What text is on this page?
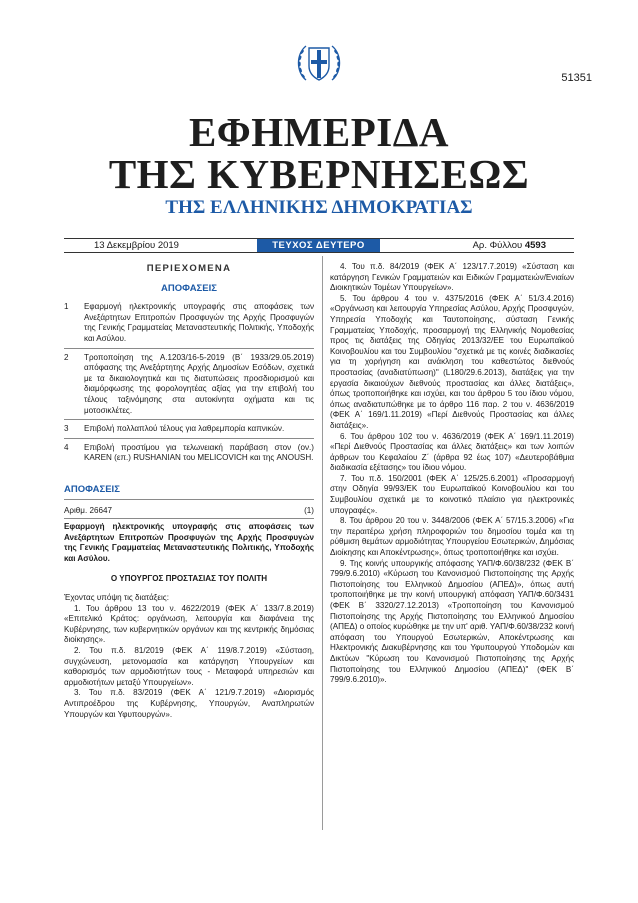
51351
ΕΦΗΜΕΡΙΔΑ
ΤΗΣ ΚΥΒΕΡΝΗΣΕΩΣ
ΤΗΣ ΕΛΛΗΝΙΚΗΣ ΔΗΜΟΚΡΑΤΙΑΣ
13 Δεκεμβρίου 2019	ΤΕΥΧΟΣ ΔΕΥΤΕΡΟ	Αρ. Φύλλου 4593
ΠΕΡΙΕΧΟΜΕΝΑ
ΑΠΟΦΑΣΕΙΣ
1	Εφαρμογή ηλεκτρονικής υπογραφής στις αποφάσεις των Ανεξάρτητων Επιτροπών Προσφυγών της Αρχής Προσφυγών της Γενικής Γραμματείας Μεταναστευτικής Πολιτικής, Υποδοχής και Ασύλου.
2	Τροποποίηση της Α.1203/16-5-2019 (Β΄ 1933/29.05.2019) απόφασης της Ανεξάρτητης Αρχής Δημοσίων Εσόδων, σχετικά με τα δικαιολογητικά και τις διατυπώσεις προσδιορισμού και διαμόρφωσης της φορολογητέας αξίας για την επιβολή του τέλους ταξινόμησης στα αυτοκίνητα οχήματα και τις μοτοσικλέτες.
3	Επιβολή πολλαπλού τέλους για λαθρεμπορία καπνικών.
4	Επιβολή προστίμου για τελωνειακή παράβαση στον (ον.) KAREN (επ.) RUSHANIAN του MELICOVICH και της ANOUSH.
ΑΠΟΦΑΣΕΙΣ
Αριθμ. 26647	(1)
Εφαρμογή ηλεκτρονικής υπογραφής στις αποφάσεις των Ανεξάρτητων Επιτροπών Προσφυγών της Αρχής Προσφυγών της Γενικής Γραμματείας Μεταναστευτικής Πολιτικής, Υποδοχής και Ασύλου.
Ο ΥΠΟΥΡΓΟΣ ΠΡΟΣΤΑΣΙΑΣ ΤΟΥ ΠΟΛΙΤΗ

Έχοντας υπόψη τις διατάξεις:

1. Του άρθρου 13 του ν. 4622/2019 (ΦΕΚ Α΄ 133/7.8.2019) «Επιτελικό Κράτος: οργάνωση, λειτουργία και διαφάνεια της Κυβέρνησης, των κυβερνητικών οργάνων και της κεντρικής δημόσιας διοίκησης».

2. Του π.δ. 81/2019 (ΦΕΚ Α΄ 119/8.7.2019) «Σύσταση, συγχώνευση, μετονομασία και κατάργηση Υπουργείων και καθορισμός των αρμοδιοτήτων τους - Μεταφορά υπηρεσιών και αρμοδιοτήτων μεταξύ Υπουργείων».

3. Του π.δ. 83/2019 (ΦΕΚ Α΄ 121/9.7.2019) «Διορισμός Αντιπροέδρου της Κυβέρνησης, Υπουργών, Αναπληρωτών Υπουργών και Υφυπουργών».

4. Του π.δ. 84/2019 (ΦΕΚ Α΄ 123/17.7.2019) «Σύσταση και κατάργηση Γενικών Γραμματειών και Ειδικών Γραμματειών/Ενιαίων Διοικητικών Τομέων Υπουργείων».

5. Του άρθρου 4 του ν. 4375/2016 (ΦΕΚ Α΄ 51/3.4.2016) «Οργάνωση και λειτουργία Υπηρεσίας Ασύλου, Αρχής Προσφυγών, Υπηρεσία Υποδοχής και Ταυτοποίησης, σύσταση Γενικής Γραμματείας Υποδοχής, προσαρμογή της Ελληνικής Νομοθεσίας προς τις διατάξεις της Οδηγίας 2013/32/ΕΕ του Ευρωπαϊκού Κοινοβουλίου και του Συμβουλίου "σχετικά με τις κοινές διαδικασίες για τη χορήγηση και ανάκληση του καθεστώτος διεθνούς προστασίας (αναδιατύπωση)" (L180/29.6.2013), διατάξεις για την εργασία δικαιούχων διεθνούς προστασίας και άλλες διατάξεις», όπως τροποποιήθηκε και ισχύει, και του άρθρου 5 του ίδιου νόμου, όπως αναδιατυπώθηκε με το άρθρο 116 παρ. 2 του ν. 4636/2019 (ΦΕΚ Α΄ 169/1.11.2019) «Περί Διεθνούς Προστασίας και άλλες διατάξεις».

6. Του άρθρου 102 του ν. 4636/2019 (ΦΕΚ Α΄ 169/1.11.2019) «Περί Διεθνούς Προστασίας και άλλες διατάξεις» και των λοιπών άρθρων του Κεφαλαίου Ζ΄ (άρθρα 92 έως 107) «Δευτεροβάθμια διαδικασία εξέτασης» του ίδιου νόμου.

7. Του π.δ. 150/2001 (ΦΕΚ Α΄ 125/25.6.2001) «Προσαρμογή στην Οδηγία 99/93/ΕΚ του Ευρωπαϊκού Κοινοβουλίου και του Συμβουλίου σχετικά με το κοινοτικό πλαίσιο για ηλεκτρονικές υπογραφές».

8. Του άρθρου 20 του ν. 3448/2006 (ΦΕΚ Α΄ 57/15.3.2006) «Για την περαιτέρω χρήση πληροφοριών του δημοσίου τομέα και τη ρύθμιση θεμάτων αρμοδιότητας Υπουργείου Εσωτερικών, Δημόσιας Διοίκησης και Αποκέντρωσης», όπως τροποποιήθηκε και ισχύει.

9. Της κοινής υπουργικής απόφασης ΥΑΠ/Φ.60/38/232 (ΦΕΚ Β΄ 799/9.6.2010) «Κύρωση του Κανονισμού Πιστοποίησης της Αρχής Πιστοποίησης του Ελληνικού Δημοσίου (ΑΠΕΔ)», όπως αυτή τροποποιήθηκε με την κοινή υπουργική απόφαση ΥΑΠ/Φ.60/3431 (ΦΕΚ Β΄ 3320/27.12.2013) «Τροποποίηση του Κανονισμού Πιστοποίησης της Αρχής Πιστοποίησης του Ελληνικού Δημοσίου (ΑΠΕΔ) ο οποίος κυρώθηκε με την υπ' αριθ. ΥΑΠ/Φ.60/38/232 κοινή απόφαση του Υπουργού Εσωτερικών, Αποκέντρωσης και Ηλεκτρονικής Διακυβέρνησης και του Υφυπουργού Υποδομών και Δικτύων "Κύρωση του Κανονισμού Πιστοποίησης της Αρχής Πιστοποίησης του Ελληνικού Δημοσίου (ΑΠΕΔ)" (ΦΕΚ Β΄ 799/9.6.2010)».
